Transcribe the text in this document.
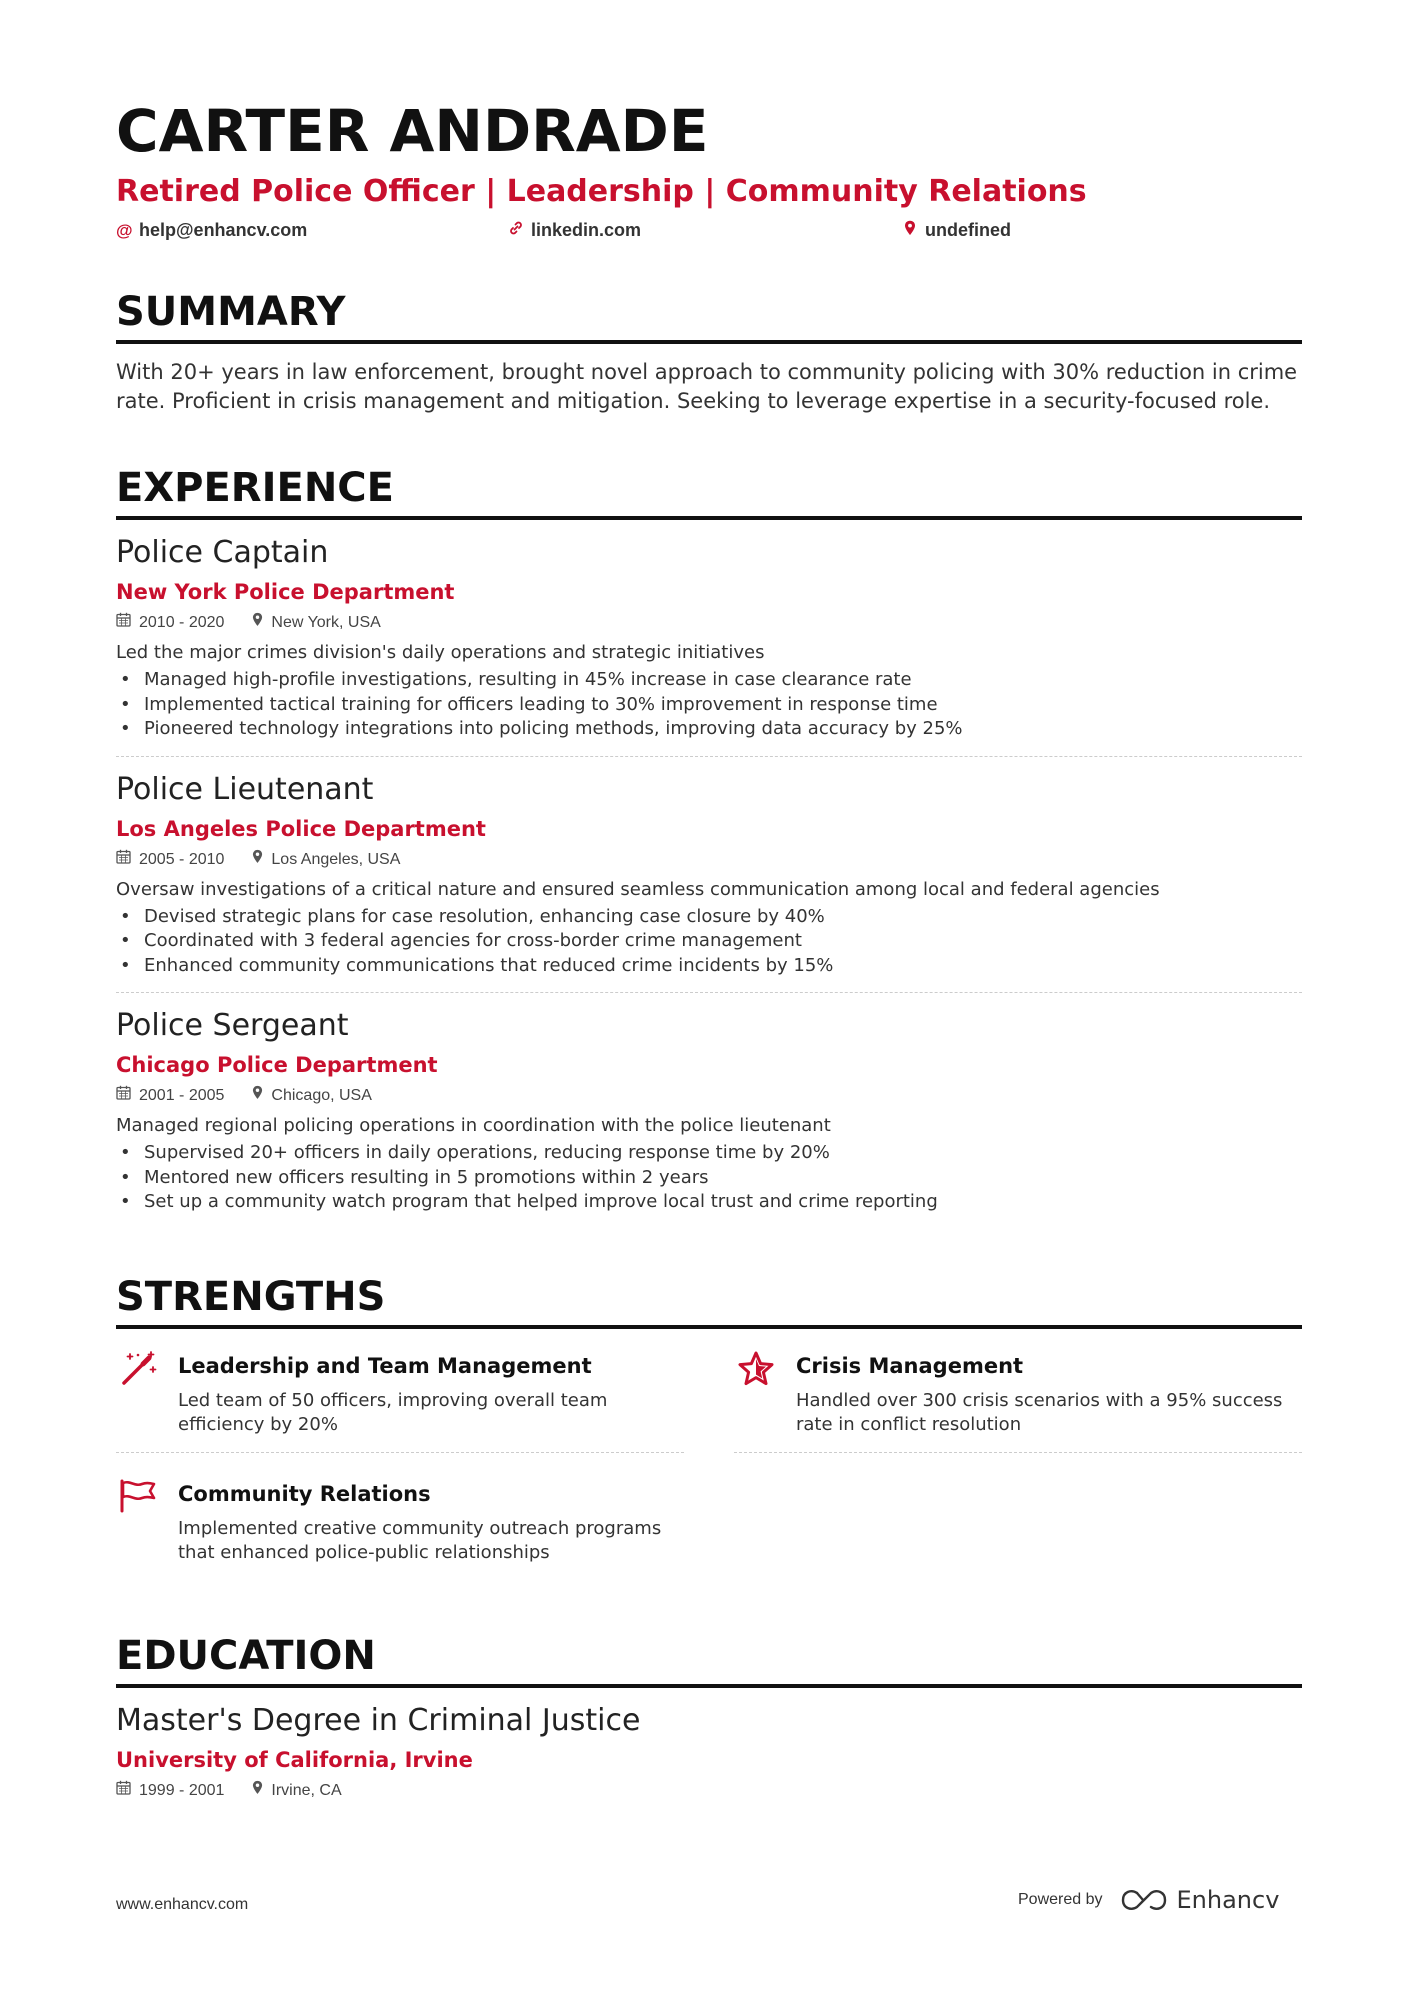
CARTER ANDRADE
Retired Police Officer | Leadership | Community Relations
@ help@enhancv.com	linkedin.com	undefined
SUMMARY
With 20+ years in law enforcement, brought novel approach to community policing with 30% reduction in crime rate. Proficient in crisis management and mitigation. Seeking to leverage expertise in a security-focused role.
EXPERIENCE
Police Captain
New York Police Department
2010 - 2020	New York, USA
Led the major crimes division's daily operations and strategic initiatives
• Managed high-profile investigations, resulting in 45% increase in case clearance rate
• Implemented tactical training for officers leading to 30% improvement in response time
• Pioneered technology integrations into policing methods, improving data accuracy by 25%
Police Lieutenant
Los Angeles Police Department
2005 - 2010	Los Angeles, USA
Oversaw investigations of a critical nature and ensured seamless communication among local and federal agencies
• Devised strategic plans for case resolution, enhancing case closure by 40%
• Coordinated with 3 federal agencies for cross-border crime management
• Enhanced community communications that reduced crime incidents by 15%
Police Sergeant
Chicago Police Department
2001 - 2005	Chicago, USA
Managed regional policing operations in coordination with the police lieutenant
• Supervised 20+ officers in daily operations, reducing response time by 20%
• Mentored new officers resulting in 5 promotions within 2 years
• Set up a community watch program that helped improve local trust and crime reporting
STRENGTHS
Leadership and Team Management
Led team of 50 officers, improving overall team efficiency by 20%
Crisis Management
Handled over 300 crisis scenarios with a 95% success rate in conflict resolution
Community Relations
Implemented creative community outreach programs that enhanced police-public relationships
EDUCATION
Master's Degree in Criminal Justice
University of California, Irvine
1999 - 2001	Irvine, CA
www.enhancv.com	Powered by	Enhancv
